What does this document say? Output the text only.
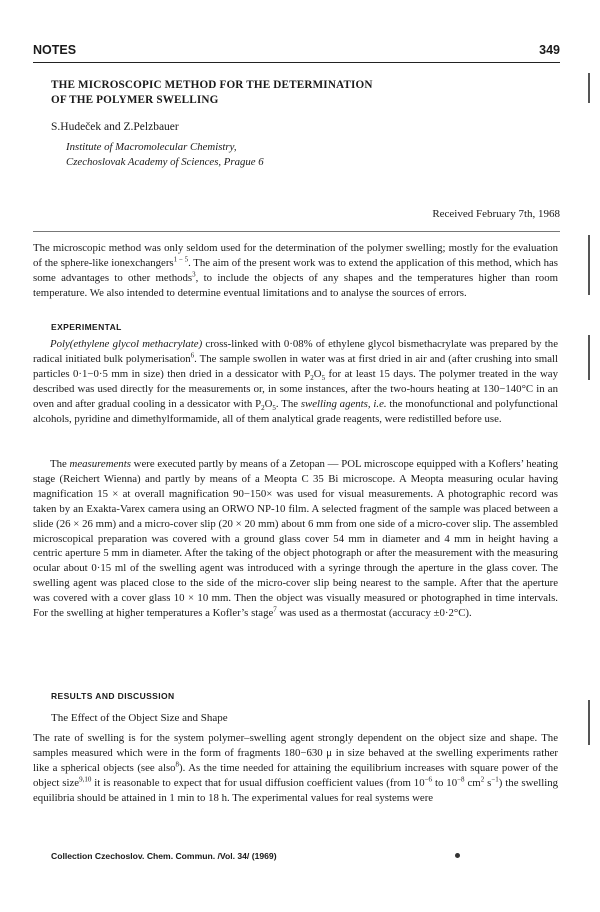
NOTES	349
THE MICROSCOPIC METHOD FOR THE DETERMINATION
OF THE POLYMER SWELLING
S.Hudeček and Z.Pelzbauer
Institute of Macromolecular Chemistry,
Czechoslovak Academy of Sciences, Prague 6
Received February 7th, 1968
The microscopic method was only seldom used for the determination of the polymer swelling; mostly for the evaluation of the sphere-like ionexchangers$^{1 - 5}$. The aim of the present work was to extend the application of this method, which has some advantages to other methods$^3$, to include the objects of any shapes and the temperatures higher than room temperature. We also intended to determine eventual limitations and to analyse the sources of errors.
EXPERIMENTAL
Poly(ethylene glycol methacrylate) cross-linked with 0·08% of ethylene glycol bismethacrylate was prepared by the radical initiated bulk polymerisation$^6$. The sample swollen in water was at first dried in air and (after crushing into small particles 0·1−0·5 mm in size) then dried in a dessicator with $P_2O_5$ for at least 15 days. The polymer treated in the way described was used directly for the measurements or, in some instances, after the two-hours heating at 130−140°C in an oven and after gradual cooling in a dessicator with $P_2O_5$. The swelling agents, i.e. the monofunctional and polyfunctional alcohols, pyridine and dimethylformamide, all of them analytical grade reagents, were redistilled before use.
The measurements were executed partly by means of a Zetopan — POL microscope equipped with a Koflers’ heating stage (Reichert Wienna) and partly by means of a Meopta C 35 Bi microscope. A Meopta measuring ocular having magnification 15 × at overall magnification 90−150× was used for visual measurements. A photographic record was taken by an Exakta-Varex camera using an ORWO NP-10 film. A selected fragment of the sample was placed between a slide (26 × 26 mm) and a micro-cover slip (20 × 20 mm) about 6 mm from one side of a micro-cover slip. The assembled microscopical preparation was covered with a ground glass cover 54 mm in diameter and 4 mm in height having a centric aperture 5 mm in diameter. After the taking of the object photograph or after the measurement with the measuring ocular about 0·15 ml of the swelling agent was introduced with a syringe through the aperture in the glass cover. The swelling agent was placed close to the side of the micro-cover slip being nearest to the sample. After that the aperture was covered with a cover glass 10 × 10 mm. Then the object was visually measured or photographed in time intervals. For the swelling at higher temperatures a Kofler’s stage$^7$ was used as a thermostat (accuracy ±0·2°C).
RESULTS AND DISCUSSION
The Effect of the Object Size and Shape
The rate of swelling is for the system polymer–swelling agent strongly dependent on the object size and shape. The samples measured which were in the form of fragments 180−630 μ in size behaved at the swelling experiments rather like a spherical objects (see also$^8$). As the time needed for attaining the equilibrium increases with square power of the object size$^{9,10}$ it is reasonable to expect that for usual diffusion coefficient values (from $10^{-6}$ to $10^{-8}$ $cm^2$ $s^{-1}$) the swelling equilibria should be attained in 1 min to 18 h. The experimental values for real systems were
Collection Czechoslov. Chem. Commun. /Vol. 34/ (1969)
